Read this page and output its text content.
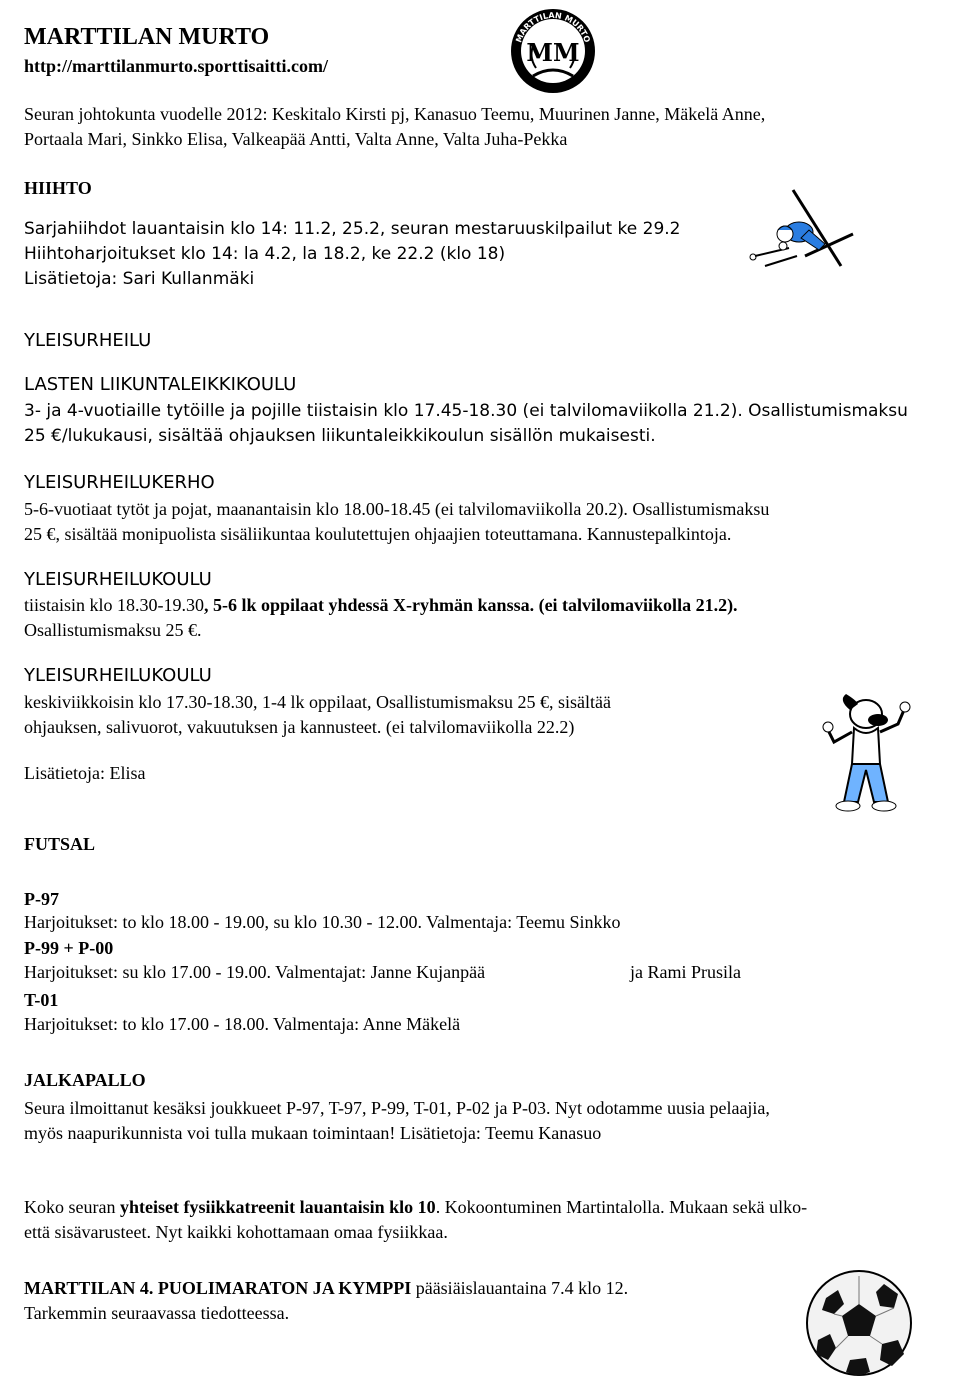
MARTTILAN MURTO
http://marttilanmurto.sporttisaitti.com/
MARTTILAN MURTO
MM
Seuran johtokunta vuodelle 2012: Keskitalo Kirsti pj, Kanasuo Teemu, Muurinen Janne, Mäkelä Anne,
Portaala Mari, Sinkko Elisa, Valkeapää Antti, Valta Anne, Valta Juha-Pekka
HIIHTO
Sarjahiihdot lauantaisin klo 14: 11.2, 25.2, seuran mestaruuskilpailut ke 29.2
Hiihtoharjoitukset klo 14: la 4.2, la 18.2, ke 22.2 (klo 18)
Lisätietoja: Sari Kullanmäki
YLEISURHEILU
LASTEN LIIKUNTALEIKKIKOULU
3- ja 4-vuotiaille tytöille ja pojille tiistaisin klo 17.45-18.30 (ei talvilomaviikolla 21.2). Osallistumismaksu
25 €/lukukausi, sisältää ohjauksen liikuntaleikkikoulun sisällön mukaisesti.
YLEISURHEILUKERHO
5-6-vuotiaat tytöt ja pojat, maanantaisin klo 18.00-18.45 (ei talvilomaviikolla 20.2). Osallistumismaksu
25 €, sisältää monipuolista sisäliikuntaa koulutettujen ohjaajien toteuttamana. Kannustepalkintoja.
YLEISURHEILUKOULU
tiistaisin klo 18.30-19.30, 5-6 lk oppilaat yhdessä X-ryhmän kanssa. (ei talvilomaviikolla 21.2).
Osallistumismaksu 25 €.
YLEISURHEILUKOULU
keskiviikkoisin klo 17.30-18.30, 1-4 lk oppilaat, Osallistumismaksu 25 €, sisältää
ohjauksen, salivuorot, vakuutuksen ja kannusteet. (ei talvilomaviikolla 22.2)
Lisätietoja: Elisa
FUTSAL
P-97
Harjoitukset: to klo 18.00 - 19.00, su klo 10.30 - 12.00. Valmentaja: Teemu Sinkko
P-99 + P-00
Harjoitukset: su klo 17.00 - 19.00. Valmentajat: Janne Kujanpää	ja Rami Prusila
T-01
Harjoitukset: to klo 17.00 - 18.00. Valmentaja: Anne Mäkelä
JALKAPALLO
Seura ilmoittanut kesäksi joukkueet P-97, T-97, P-99, T-01, P-02 ja P-03. Nyt odotamme uusia pelaajia,
myös naapurikunnista voi tulla mukaan toimintaan! Lisätietoja: Teemu Kanasuo
Koko seuran yhteiset fysiikkatreenit lauantaisin klo 10. Kokoontuminen Martintalolla. Mukaan sekä ulko-
että sisävarusteet. Nyt kaikki kohottamaan omaa fysiikkaa.
MARTTILAN 4. PUOLIMARATON JA KYMPPI pääsiäislauantaina 7.4 klo 12.
Tarkemmin seuraavassa tiedotteessa.
